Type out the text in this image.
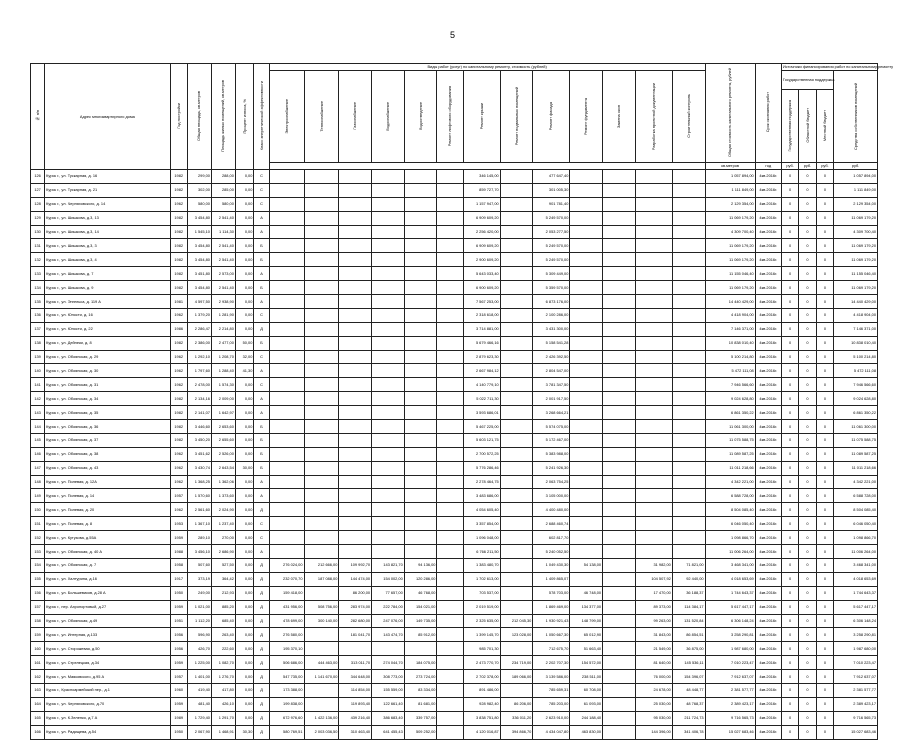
5
№ п/п	Адрес многоквартирного дома	Год постройки	Общая площадь, кв.метров	Площадь жилых помещений, кв.метров	Процент износа, %	Класс энергетической эффективности	Виды работ (услуг) по капитальному ремонту, стоимость (рублей)													Общая стоимость капитального ремонта, рублей	Срок окончания работ	Источники финансирования работ по капитальному ремонту			
							Электроснабжение	Теплоснабжение	Газоснабжение	Водоснабжение	Водоотведение	Ремонт лифтового оборудования	Ремонт крыши	Ремонт подвальных помещений	Ремонт фасада	Ремонт фундамента	Замена окон	Разработка проектной документации	Строительный контроль			Государственная поддержка			Средства собственников помещений
																						Государственная поддержка	Областной бюджет	Местный бюджет	
																				кв.метров	год	руб.	руб.	руб.	руб.
126	Курск г., ул. Тускарная, д. 16	1982	299,00	288,00	0,00	С							346 145,00		477 647,40					1 057 894,00	4кв.2016г.	0	0	0	1 057 894,00
127	Курск г., ул. Тускарная, д. 21	1982	302,00	285,00	0,00	С							859 727,70		301 005,30					1 111 849,00	4кв.2016г.	0	0	0	1 111 849,00
128	Курск г., ул. Черняховского, д. 14	1962	580,00	580,00	0,00	С							1 157 947,00		901 781,40					2 129 354,00	4кв.2016г.	0	0	0	2 129 354,00
129	Курск г., ул. Шишкова, д.3, 13	1982	3 454,80	2 541,40	0,00	А							6 909 609,20		5 249 570,00					11 069 179,20	4кв.2016г.	0	0	0	11 069 179,20
130	Курск г., ул. Шишкова, д.3, 14	1982	1 545,10	1 114,30	0,00	А							2 256 420,00		2 053 277,50					4 309 700,40	4кв.2016г.	0	0	0	4 309 700,40
131	Курск г., ул. Шишкова, д.3, 3	1982	3 454,80	2 541,40	0,00	Б							6 909 609,20		5 249 570,00					11 069 179,20	4кв.2016г.	0	0	0	11 069 179,20
132	Курск г., ул. Шишкова, д.3, 4	1982	3 454,80	2 541,40	0,00	Б							2 900 609,20		5 249 570,00					11 069 179,20	4кв.2016г.	0	0	0	11 069 179,20
133	Курск г., ул. Шишкова, д. 7	1982	3 451,80	2 573,00	0,00	А							5 643 033,40		5 309 449,00					11 155 046,40	4кв.2016г.	0	0	0	11 155 046,40
134	Курск г., ул. Шишкова, д. 9	1982	3 454,80	2 541,40	0,00	Б							6 900 609,20		5 359 570,00					11 069 179,20	4кв.2016г.	0	0	0	11 069 179,20
135	Курск г., ул. Энгельса, д. 119 А	1981	4 597,50	2 938,90	0,00	А							7 567 253,00		6 873 176,00					14 440 429,00	4кв.2016г.	0	0	0	14 440 429,00
136	Курск г., ул. Юности, д. 16	1962	1 379,20	1 281,90	0,00	С							2 318 618,00		2 100 286,00					4 418 904,00	4кв.2016г.	0	0	0	4 418 904,00
137	Курск г., ул. Юности, д. 22	1986	2 286,47	2 214,80	0,00	Д							3 714 881,00		3 431 300,00					7 146 371,00	4кв.2016г.	0	0	0	7 146 371,00
138	Курск г., ул. Дейнеки, д. 8	1982	2 386,00	2 477,00	50,00	Б							5 679 466,16		5 158 541,28					10 838 010,40	4кв.2016г.	0	0	0	10 838 010,40
139	Курск г., ул. Обоянская, д. 29	1962	1 292,10	1 208,70	32,00	С							2 879 623,30		2 426 392,50					5 100 214,80	4кв.2016г.	0	0	0	5 100 214,80
140	Курск г., ул. Обоянская, д. 30	1962	1 797,60	1 288,40	41,30	А							2 667 984,12		2 804 547,00					5 472 111,08	4кв.2016г.	0	0	0	5 472 111,08
141	Курск г., ул. Обоянская, д. 31	1962	2 478,00	1 574,30	0,00	С							4 140 779,10		3 781 347,50					7 946 566,60	4кв.2016г.	0	0	0	7 946 566,60
142	Курск г., ул. Обоянская, д. 34	1982	2 134,16	2 009,00	0,00	А							5 022 711,30		2 001 917,50					9 024 628,80	4кв.2016г.	0	0	0	9 024 628,80
143	Курск г., ул. Обоянская, д. 35	1982	2 141,07	1 642,97	0,00	А							3 593 686,01		3 268 664,21					6 861 350,22	4кв.2016г.	0	0	0	6 861 350,22
144	Курск г., ул. Обоянская, д. 36	1982	3 446,60	2 653,60	0,00	Б							5 467 225,00		5 574 075,00					11 061 300,00	4кв.2016г.	0	0	0	11 061 300,00
145	Курск г., ул. Обоянская, д. 37	1982	3 450,20	2 655,60	0,00	Б							5 603 121,75		5 172 467,00					11 075 588,75	4кв.2016г.	0	0	0	11 075 588,75
146	Курск г., ул. Обоянская, д. 38	1962	3 451,62	2 526,00	0,00	Б							2 700 572,25		5 383 988,00					11 089 587,25	4кв.2016г.	0	0	0	11 089 587,25
147	Курск г., ул. Обоянская, д. 43	1962	3 430,74	2 643,54	30,00	Б							5 776 286,46		5 241 926,30					11 011 218,66	4кв.2016г.	0	0	0	11 011 218,66
148	Курск г., ул. Полевая, д. 12А	1962	1 368,25	1 362,06	0,00	А							2 278 464,75		2 063 754,25					4 342 221,00	4кв.2016г.	0	0	0	4 342 221,00
149	Курск г., ул. Полевая, д. 14	1957	1 570,60	1 373,60	0,00	А							3 483 686,00		3 105 000,00					6 588 728,00	4кв.2016г.	0	0	0	6 588 728,00
150	Курск г., ул. Полевая, д. 20	1962	2 561,60	2 024,90	0,00	Д							4 054 605,40		4 400 480,00					8 504 085,40	4кв.2016г.	0	0	0	8 504 085,40
151	Курск г., ул. Полевая, д. 8	1953	1 367,10	1 237,40	0,00	С							3 357 854,00		2 688 460,74					6 046 050,40	4кв.2016г.	0	0	0	6 046 050,40
152	Курск г., ул. Кутузова, д.55А	1959	289,10	270,00	0,00	С							1 096 048,00		602 817,70					1 098 866,70	4кв.2016г.	0	0	0	1 098 866,70
153	Курск г., ул. Обоянская, д. 40 А	1988	3 456,10	2 686,90	0,00	А							6 766 211,50		5 240 052,50					11 006 264,00	4кв.2016г.	0	0	0	11 006 264,00
154	Курск г., ул. Обоянская, д. 7	1958	507,60	527,50	0,00	Д	276 024,00	212 666,00	109 992,70	143 821,70	94 136,00		1 383 480,70		1 049 430,30	54 138,00		31 982,00	71 821,00	3 468 341,00	4кв.2016г.	0	0	0	3 468 341,00
155	Курск г., ул. Халтурина, д.16	1917	373,19	364,42	0,00	Д	232 070,70	187 088,00	144 474,00	154 002,00	120 286,00		1 702 613,00		1 409 865,07			104 507,92	92 440,00	4 018 653,69	4кв.2016г.	0	0	0	4 018 653,69
156	Курск г., ул. Большевиков, д.28 А	1950	249,00	212,93	0,00	Д	159 418,00		86 200,00	77 657,00	46 768,00		703 537,00		578 703,00	46 748,00		17 470,00	36 188,37	1 744 643,37	4кв.2016г.	0	0	0	1 744 643,37
157	Курск г., пер. Аэропортовый, д.27	1959	1 021,00	885,20	0,00	Д	431 956,00	508 756,00	283 974,00	222 784,00	154 021,00		2 019 519,00		1 869 469,00	134 377,00		89 373,00	114 384,17	5 617 447,17	4кв.2016г.	0	0	0	5 617 447,17
158	Курск г., ул. Обоянская, д.49	1951	1 112,20	685,40	0,00	Д	478 699,00	300 140,00	282 680,00	247 076,00	149 735,00		2 325 635,00	212 045,30	1 930 921,43	148 799,00		99 263,00	131 520,84	6 306 148,24	4кв.2016г.	0	0	0	6 306 148,24
159	Курск г., ул. Интерная, д.133	1956	596,90	263,40	0,00	Д	276 580,00		181 041,70	143 474,70	85 912,00		1 399 145,70	123 028,00	1 050 667,30	65 012,90		31 843,00	86 854,51	3 258 290,81	4кв.2016г.	0	0	0	3 258 290,81
160	Курск г., ул. Сторожевая, д.50	1956	426,70	222,60	0,00	Д	195 370,10						985 701,30		712 675,70	51 663,40		21 549,00	36 875,00	1 987 680,00	4кв.2016г.	0	0	0	1 987 680,00
161	Курск г., ул. Стрелецкая, д.34	1959	1 225,00	1 082,70	0,00	Д	506 686,00	444 463,00	313 011,70	274 044,70	184 075,00		2 473 770,70	234 719,00	2 202 707,30	154 572,00		81 640,00	145 536,11	7 010 223,47	4кв.2016г.	0	0	0	7 010 223,47
162	Курск г., ул. Маяковского, д.95 А	1957	1 401,00	1 276,70	0,00	Д	547 735,00	1 141 670,00	344 648,00	308 773,00	273 724,00		2 702 378,00	189 066,00	3 139 586,00	238 511,00		76 000,00	154 396,07	7 912 637,07	4кв.2016г.	0	0	0	7 912 637,07
163	Курск г., Красноармейский пер., д.1	1960	419,40	417,80	0,00	Д	173 388,00		114 854,00	155 559,00	83 334,00		891 486,00		785 659,31	60 708,00		24 678,00	48 448,77	2 381 577,77	4кв.2016г.	0	0	0	2 381 577,77
164	Курск г., ул. Черняховского, д.70	1959	481,40	426,10	0,00	Д	199 838,00		119 893,40	122 661,40	81 681,00		928 982,40	86 206,00	785 203,00	61 093,00		25 030,00	48 768,37	2 389 423,17	4кв.2016г.	0	0	0	2 389 423,17
165	Курск г., ул. К.Зеленко, д.7 А	1989	1 729,40	1 291,70	0,00	Д	672 976,60	1 422 136,00	439 216,40	386 683,40	339 757,00		3 838 751,80	336 011,20	2 623 910,00	244 188,40		95 030,00	211 724,73	9 716 565,73	4кв.2016г.	0	0	0	9 716 565,73
166	Курск г., ул. Радищева, д.54	1950	2 067,90	1 468,91	30,30	Д	580 769,51	2 003 036,50	310 463,40	641 455,43	509 252,00		4 120 016,87	394 866,70	4 434 047,80	463 830,00		144 396,00	341 406,78	15 027 683,46	4кв.2016г.	0	0	0	15 027 683,46
